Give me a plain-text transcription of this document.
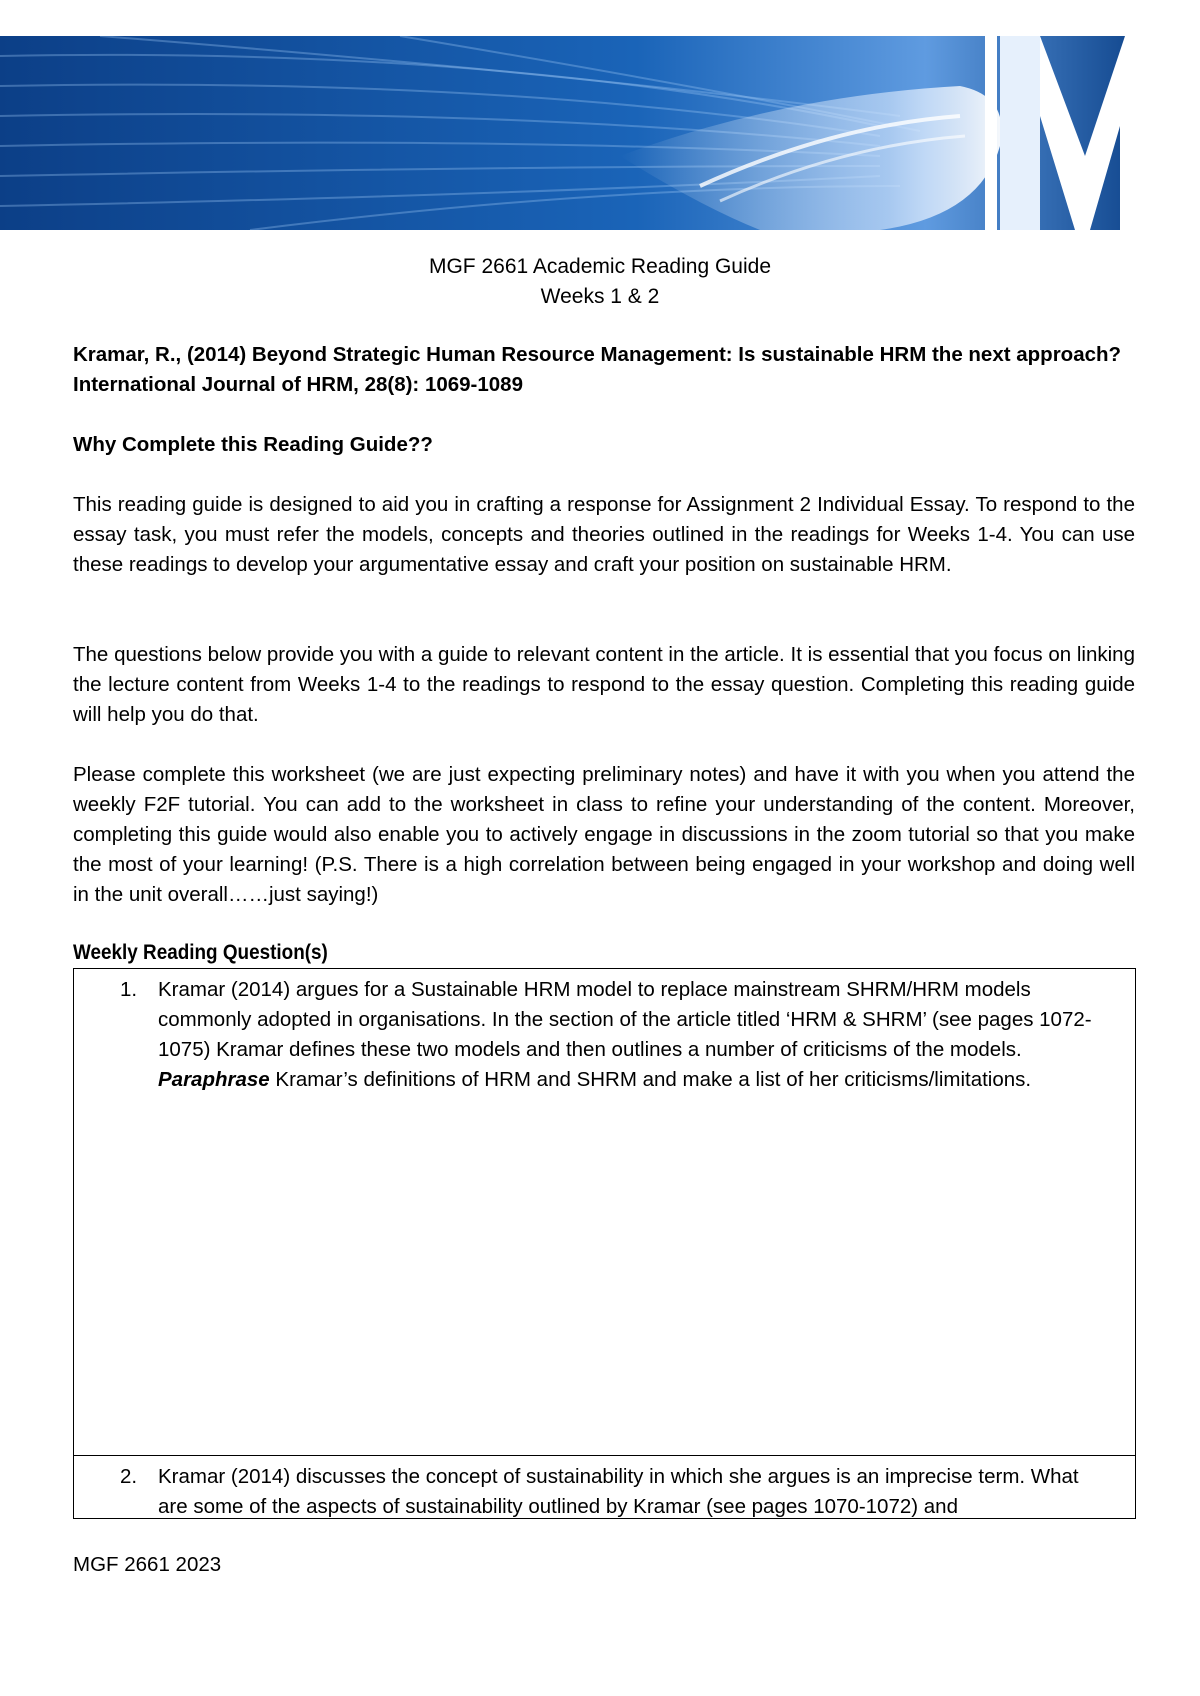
MGF 2661 Academic Reading Guide
Weeks 1 & 2
Kramar, R., (2014) Beyond Strategic Human Resource Management: Is sustainable HRM the next approach? International Journal of HRM, 28(8): 1069-1089
Why Complete this Reading Guide??
This reading guide is designed to aid you in crafting a response for Assignment 2 Individual Essay. To respond to the essay task, you must refer the models, concepts and theories outlined in the readings for Weeks 1-4. You can use these readings to develop your argumentative essay and craft your position on sustainable HRM.
The questions below provide you with a guide to relevant content in the article. It is essential that you focus on linking the lecture content from Weeks 1-4 to the readings to respond to the essay question. Completing this reading guide will help you do that.
Please complete this worksheet (we are just expecting preliminary notes) and have it with you when you attend the weekly F2F tutorial. You can add to the worksheet in class to refine your understanding of the content. Moreover, completing this guide would also enable you to actively engage in discussions in the zoom tutorial so that you make the most of your learning! (P.S. There is a high correlation between being engaged in your workshop and doing well in the unit overall……just saying!)
Weekly Reading Question(s)
1.	Kramar (2014) argues for a Sustainable HRM model to replace mainstream SHRM/HRM models commonly adopted in organisations. In the section of the article titled ‘HRM & SHRM’ (see pages 1072- 1075) Kramar defines these two models and then outlines a number of criticisms of the models. Paraphrase Kramar’s definitions of HRM and SHRM and make a list of her criticisms/limitations.
2.	Kramar (2014) discusses the concept of sustainability in which she argues is an imprecise term. What are some of the aspects of sustainability outlined by Kramar (see pages 1070-1072) and
MGF 2661 2023
